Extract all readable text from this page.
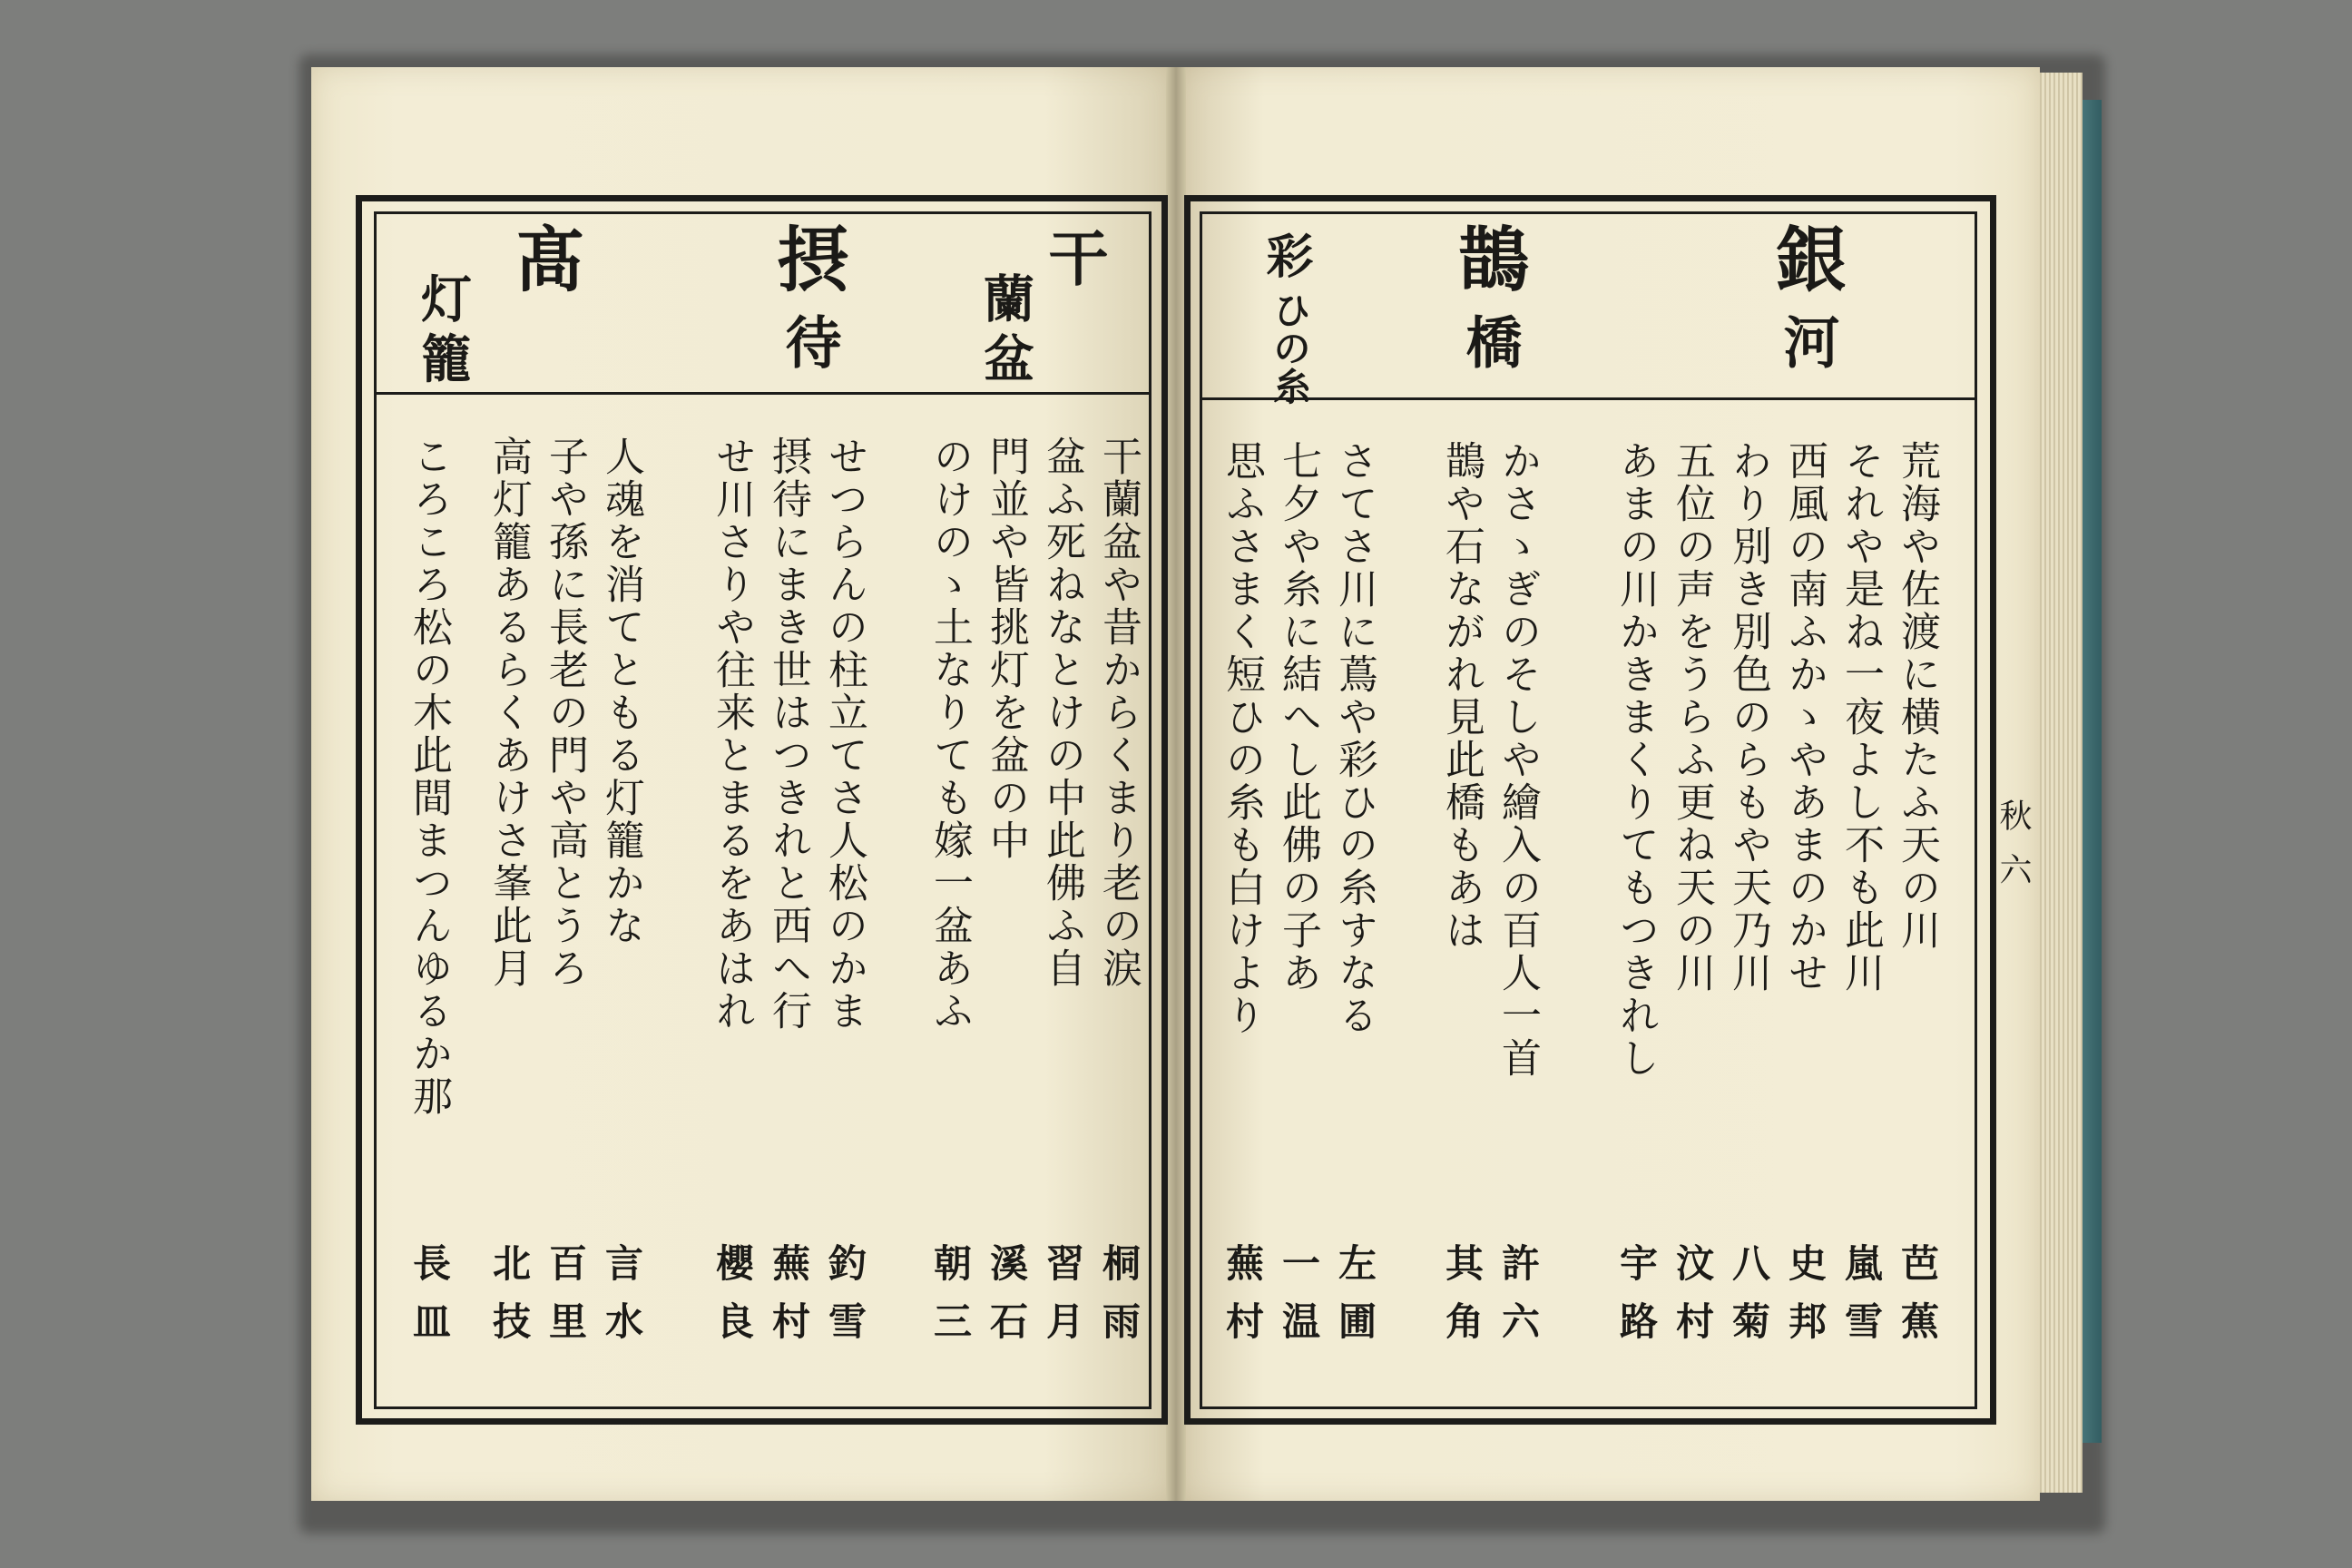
秋 六
銀
河
鵲
橋
彩
ひの糸
荒海や佐渡に横たふ天の川
芭蕉
それや是ね一夜よし不も此川
嵐雪
西風の南ふかゝやあまのかせ
史邦
わり別き別色のらもや天乃川
八菊
五位の声をうらふ更ね天の川
汶村
あまの川かきまくりてもつきれし
宇路
かさゝぎのそしや繪入の百人一首
許六
鵲や石ながれ見此橋もあは
其角
さてさ川に蔦や彩ひの糸すなる
左圃
七夕や糸に結へし此佛の子あ
一温
思ふさまく短ひの糸も白けより
蕪村
干
蘭盆
摂
待
髙
灯籠
干蘭盆や昔からくまり老の涙
桐雨
盆ふ死ねなとけの中此佛ふ自
習月
門並や皆挑灯を盆の中
溪石
のけのゝ土なりても嫁一盆あふ
朝三
せつらんの柱立てさ人松のかま
釣雪
摂待にまき世はつきれと西へ行
蕪村
せ川さりや往来とまるをあはれ
櫻良
人魂を消てともる灯籠かな
言水
子や孫に長老の門や高とうろ
百里
高灯籠あるらくあけさ峯此月
北技
ころころ松の木此間まつんゆるか那
長皿
